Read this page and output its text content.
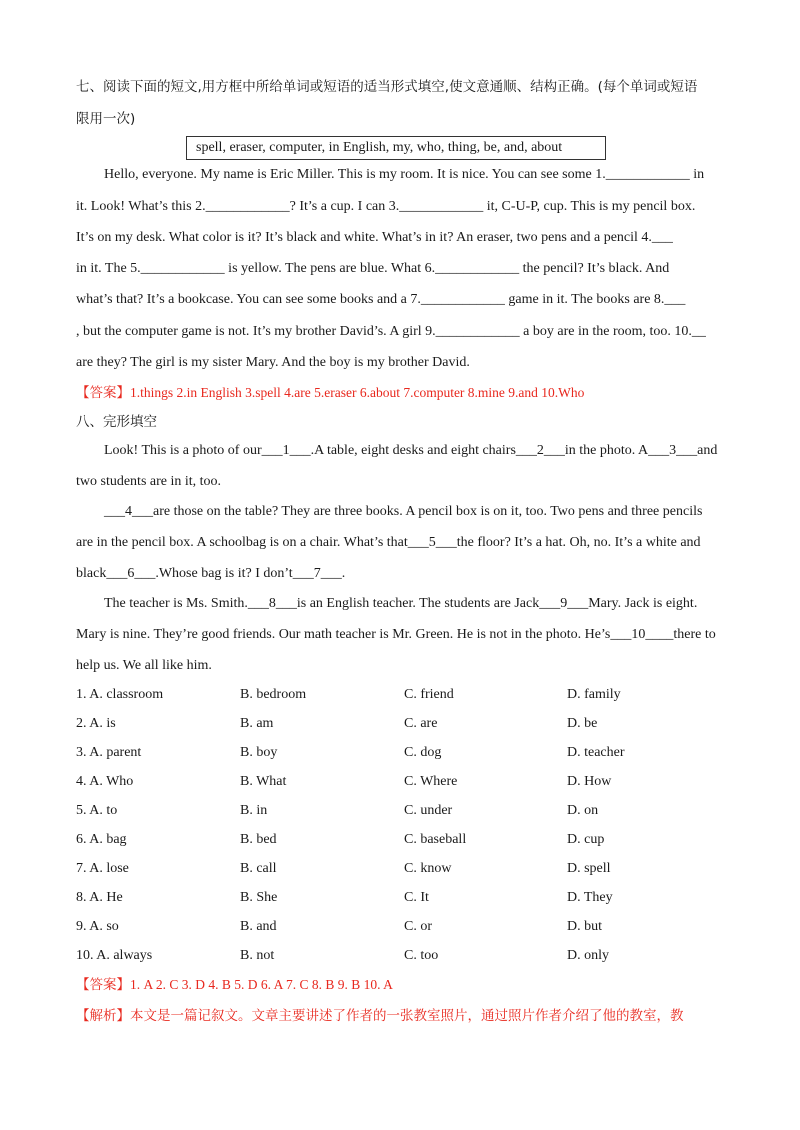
七、阅读下面的短文,用方框中所给单词或短语的适当形式填空,使文意通顺、结构正确。(每个单词或短语
限用一次)
spell, eraser, computer, in English, my, who, thing, be, and, about
Hello, everyone. My name is Eric Miller. This is my room. It is nice. You can see some 1.____________ in
it. Look! What’s this 2.____________? It’s a cup. I can 3.____________ it, C-U-P, cup. This is my pencil box.
It’s on my desk. What color is it? It’s black and white. What’s in it? An eraser, two pens and a pencil 4.___
in it. The 5.____________ is yellow. The pens are blue. What 6.____________ the pencil? It’s black. And
what’s that? It’s a bookcase. You can see some books and a 7.____________ game in it. The books are 8.___
, but the computer game is not. It’s my brother David’s. A girl 9.____________ a boy are in the room, too. 10.__
are they? The girl is my sister Mary. And the boy is my brother David.
【答案】1.things 2.in English 3.spell 4.are 5.eraser 6.about 7.computer 8.mine 9.and 10.Who
八、完形填空
Look! This is a photo of our___1___.A table, eight desks and eight chairs___2___in the photo. A___3___and
two students are in it, too.
___4___are those on the table? They are three books. A pencil box is on it, too. Two pens and three pencils
are in the pencil box. A schoolbag is on a chair. What’s that___5___the floor? It’s a hat. Oh, no. It’s a white and
black___6___.Whose bag is it? I don’t___7___.
The teacher is Ms. Smith.___8___is an English teacher. The students are Jack___9___Mary. Jack is eight.
Mary is nine. They’re good friends. Our math teacher is Mr. Green. He is not in the photo. He’s___10____there to
help us. We all like him.
1. A. classroom	B. bedroom	C. friend	D. family
2. A. is	B. am	C. are	D. be
3. A. parent	B. boy	C. dog	D. teacher
4. A. Who	B. What	C. Where	D. How
5. A. to	B. in	C. under	D. on
6. A. bag	B. bed	C. baseball	D. cup
7. A. lose	B. call	C. know	D. spell
8. A. He	B. She	C. It	D. They
9. A. so	B. and	C. or	D. but
10. A. always	B. not	C. too	D. only
【答案】1. A 2. C 3. D 4. B 5. D 6. A 7. C 8. B 9. B 10. A
【解析】本文是一篇记叙文。文章主要讲述了作者的一张教室照片，通过照片作者介绍了他的教室，教
